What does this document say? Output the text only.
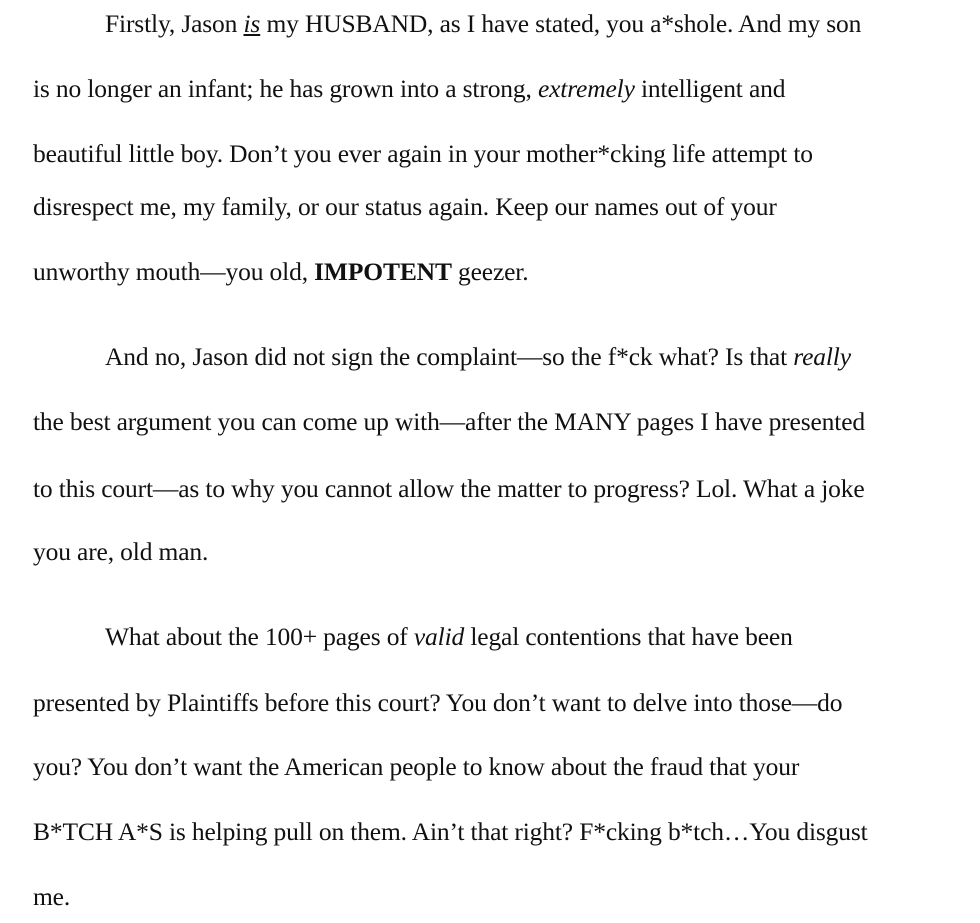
Firstly, Jason is my HUSBAND, as I have stated, you a*shole. And my son
is no longer an infant; he has grown into a strong, extremely intelligent and
beautiful little boy. Don’t you ever again in your mother*cking life attempt to
disrespect me, my family, or our status again. Keep our names out of your
unworthy mouth—you old, IMPOTENT geezer.
And no, Jason did not sign the complaint—so the f*ck what? Is that really
the best argument you can come up with—after the MANY pages I have presented
to this court—as to why you cannot allow the matter to progress? Lol. What a joke
you are, old man.
What about the 100+ pages of valid legal contentions that have been
presented by Plaintiffs before this court? You don’t want to delve into those—do
you? You don’t want the American people to know about the fraud that your
B*TCH A*S is helping pull on them. Ain’t that right? F*cking b*tch…You disgust
me.
